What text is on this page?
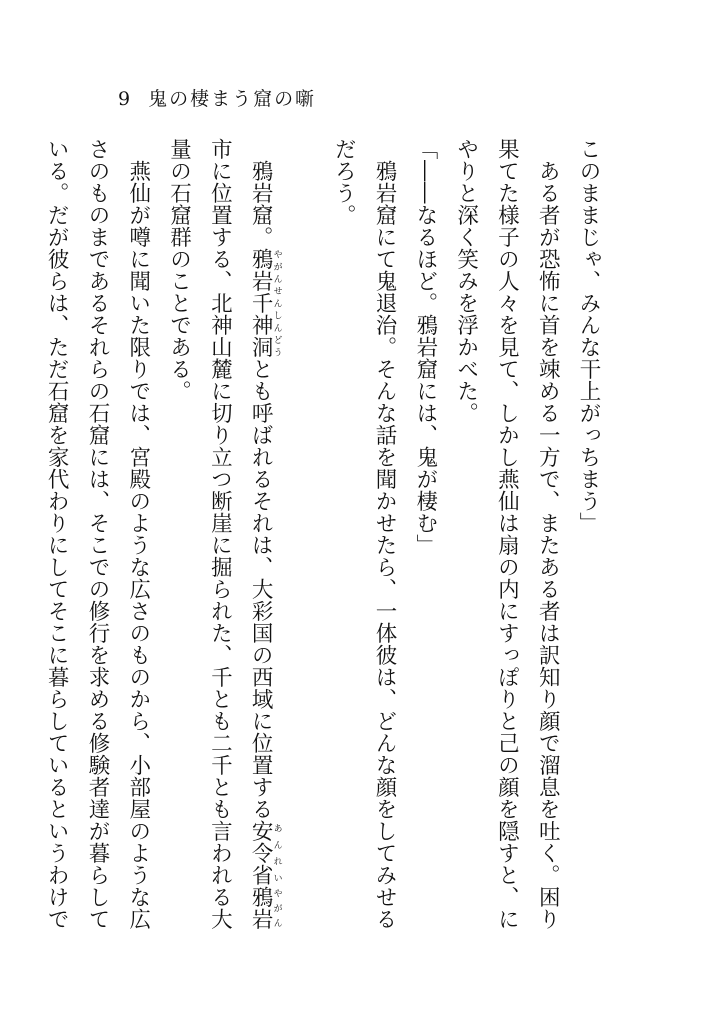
9 鬼の棲まう窟の噺
このままじゃ、みんな干上がっちまう」
　ある者が恐怖に首を竦める一方で、またある者は訳知り顔で溜息を吐く。困り
果てた様子の人々を見て、しかし燕仙は扇の内にすっぽりと己の顔を隠すと、に
やりと深く笑みを浮かべた。
「――なるほど。鴉岩窟には、鬼が棲む」
　鴉岩窟にて鬼退治。そんな話を聞かせたら、一体彼は、どんな顔をしてみせる
だろう。

　鴉岩窟。鴉岩千神洞やがんせんしんどうとも呼ばれるそれは、大彩国の西域に位置する安令省あんれい鴉岩やがん
市に位置する、北神山麓に切り立つ断崖に掘られた、千とも二千とも言われる大
量の石窟群のことである。
　燕仙が噂に聞いた限りでは、宮殿のような広さのものから、小部屋のような広
さのものまであるそれらの石窟には、そこでの修行を求める修験者達が暮らして
いる。だが彼らは、ただ石窟を家代わりにしてそこに暮らしているというわけで
